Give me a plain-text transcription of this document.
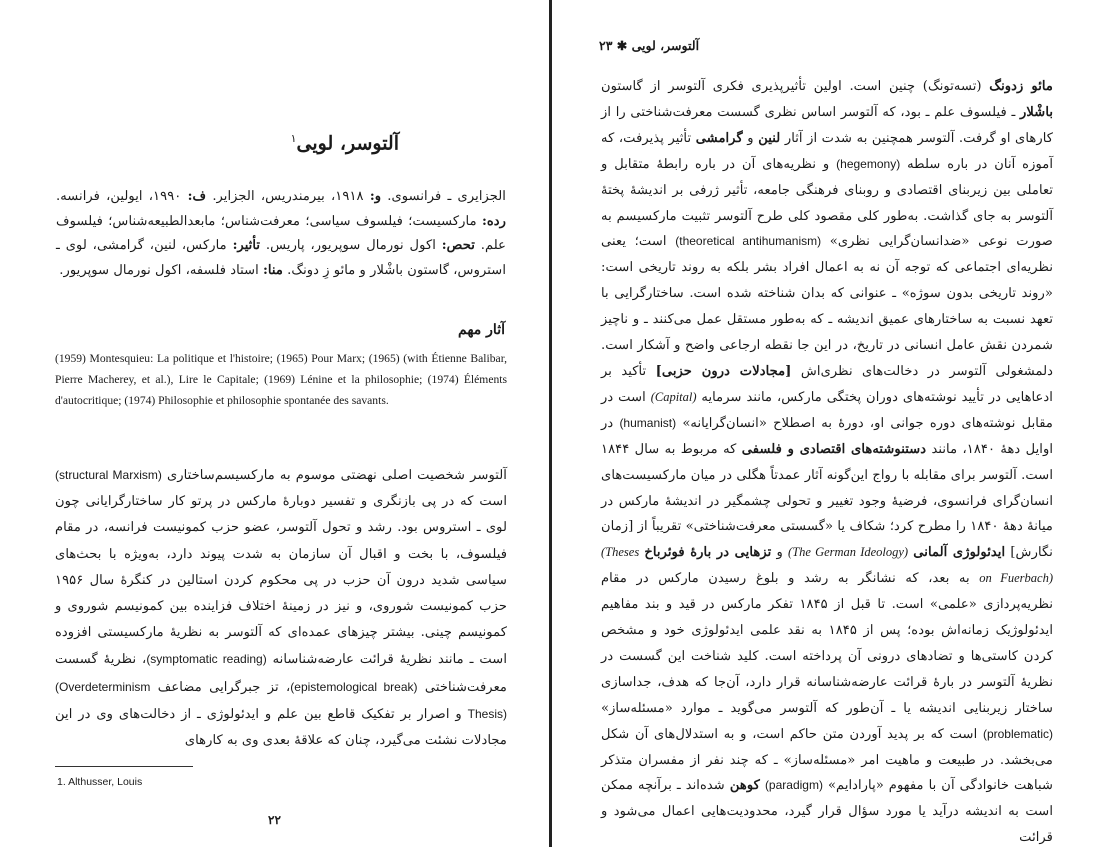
آلتوسر، لویی$^۱$
الجزایری ـ فرانسوی. و: ۱۹۱۸، بیرمندریس، الجزایر. ف: ۱۹۹۰، ایولین، فرانسه. رده: مارکسیست؛ فیلسوف سیاسی؛ معرفت‌شناس؛ مابعدالطبیعه‌شناس؛ فیلسوف علم. تحص: اکول نورمال سوپریور، پاریس. تأثیر: مارکس، لنین، گرامشی، لوی ـ استروس، گاستون باشْلار و مائو زِ دونگ. منا: استاد فلسفه، اکول نورمال سوپریور.
آثار مهم
(1959) Montesquieu: La politique et l'histoire; (1965) Pour Marx; (1965) (with Étienne Balibar, Pierre Macherey, et al.), Lire le Capitale; (1969) Lénine et la philosophie; (1974) Éléments d'autocritique; (1974) Philosophie et philosophie spontanée des savants.
آلتوسر شخصیت اصلی نهضتی موسوم به مارکسیسم‌ساختاری (structural Marxism) است که در پی بازنگری و تفسیر دوبارهٔ مارکس در پرتو کار ساختارگرایانی چون لوی ـ استروس بود. رشد و تحول آلتوسر، عضو حزب کمونیست فرانسه، در مقام فیلسوف، با بخت و اقبال آن سازمان به شدت پیوند دارد، به‌ویژه با بحث‌های سیاسی شدید درون آن حزب در پی محکوم کردن استالین در کنگرهٔ سال ۱۹۵۶ حزب کمونیست شوروی، و نیز در زمینهٔ اختلاف فزاینده بین کمونیسم شوروی و کمونیسم چینی. بیشتر چیزهای عمده‌ای که آلتوسر به نظریهٔ مارکسیستی افزوده است ـ مانند نظریهٔ قرائت عارضه‌شناسانه (symptomatic reading)، نظریهٔ گسست معرفت‌شناختی (epistemological break)، تز جبرگرایی مضاعف (Overdeterminism Thesis) و اصرار بر تفکیک قاطع بین علم و ایدئولوژی ـ از دخالت‌های وی در این مجادلات نشئت می‌گیرد، چنان که علاقهٔ بعدی وی به کارهای
1. Althusser, Louis
۲۲
آلتوسر، لویی ✱ ۲۳
مائو زدونگ (تسه‌تونگ) چنین است. اولین تأثیرپذیری فکری آلتوسر از گاستون باشْلار ـ فیلسوف علم ـ بود، که آلتوسر اساس نظری گسست معرفت‌شناختی را از کارهای او گرفت. آلتوسر همچنین به شدت از آثار لنین و گرامشی تأثیر پذیرفت، که آموزه آنان در باره سلطه (hegemony) و نظریه‌های آن در باره رابطهٔ متقابل و تعاملی بین زیربنای اقتصادی و روبنای فرهنگی جامعه، تأثیر ژرفی بر اندیشهٔ پختهٔ آلتوسر به جای گذاشت. به‌طور کلی مقصود کلی طرح آلتوسر تثبیت مارکسیسم به صورت نوعی «ضدانسان‌گرایی نظری» (theoretical antihumanism) است؛ یعنی نظریه‌ای اجتماعی که توجه آن نه به اعمال افراد بشر بلکه به روند تاریخی است: «روند تاریخی بدون سوژه» ـ عنوانی که بدان شناخته شده است. ساختارگرایی با تعهد نسبت به ساختارهای عمیق اندیشه ـ که به‌طور مستقل عمل می‌کنند ـ و ناچیز شمردن نقش عامل انسانی در تاریخ، در این جا نقطه ارجاعی واضح و آشکار است. دلمشغولی آلتوسر در دخالت‌های نظری‌اش [مجادلات درون حزبی] تأکید بر ادعاهایی در تأیید نوشته‌های دوران پختگی مارکس، مانند سرمایه (Capital) است در مقابل نوشته‌های دوره جوانی او، دورهٔ به اصطلاح «انسان‌گرایانه» (humanist) در اوایل دههٔ ۱۸۴۰، مانند دستنوشته‌های اقتصادی و فلسفی که مربوط به سال ۱۸۴۴ است. آلتوسر برای مقابله با رواج این‌گونه آثار عمدتاً هگلی در میان مارکسیست‌های انسان‌گرای فرانسوی، فرضیهٔ وجود تغییر و تحولی چشمگیر در اندیشهٔ مارکس در میانهٔ دههٔ ۱۸۴۰ را مطرح کرد؛ شکاف یا «گسستی معرفت‌شناختی» تقریباً از [زمان نگارش] ایدئولوژی آلمانی (The German Ideology) و تزهایی در بارهٔ فوئرباخ (Theses on Fuerbach) به بعد، که نشانگر به رشد و بلوغ رسیدن مارکس در مقام نظریه‌پردازی «علمی» است. تا قبل از ۱۸۴۵ تفکر مارکس در قید و بند مفاهیم ایدئولوژیک زمانه‌اش بوده؛ پس از ۱۸۴۵ به نقد علمی ایدئولوژی خود و مشخص کردن کاستی‌ها و تضادهای درونی آن پرداخته است. کلید شناخت این گسست در نظریهٔ آلتوسر در بارهٔ قرائت عارضه‌شناسانه قرار دارد، آن‌جا که هدف، جداسازی ساختار زیربنایی اندیشه یا ـ آن‌طور که آلتوسر می‌گوید ـ موارد «مسئله‌ساز» (problematic) است که بر پدید آوردن متن حاکم است، و به استدلال‌های آن شکل می‌بخشد. در طبیعت و ماهیت امر «مسئله‌ساز» ـ که چند نفر از مفسران متذکر شباهت خانوادگی آن با مفهوم «پارادایم» (paradigm) کوهن شده‌اند ـ برآنچه ممکن است به اندیشه درآید یا مورد سؤال قرار گیرد، محدودیت‌هایی اعمال می‌شود و قرائت
